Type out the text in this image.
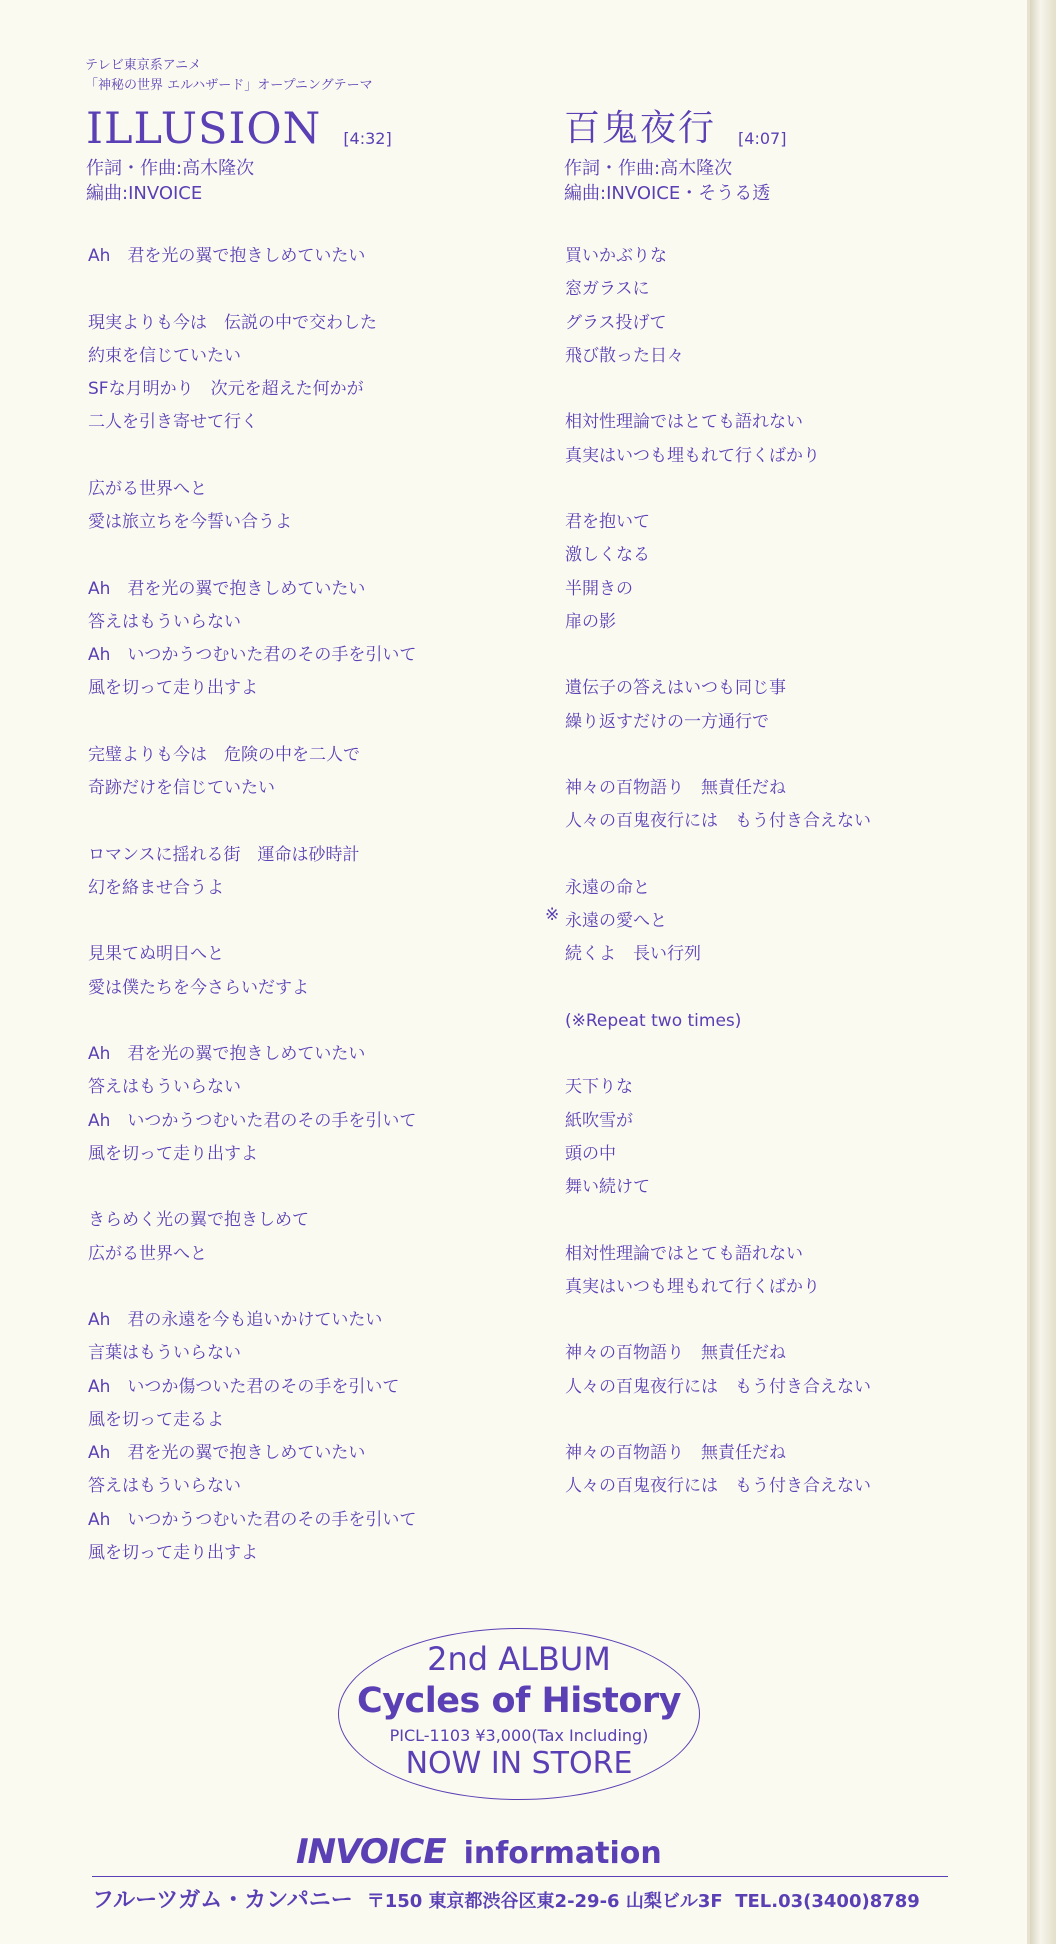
テレビ東京系アニメ
「神秘の世界 エルハザード」オープニングテーマ
ILLUSION [4:32]
作詞・作曲:高木隆次
編曲:INVOICE
Ah　君を光の翼で抱きしめていたい
現実よりも今は　伝説の中で交わした
約束を信じていたい
SFな月明かり　次元を超えた何かが
二人を引き寄せて行く
広がる世界へと
愛は旅立ちを今誓い合うよ
Ah　君を光の翼で抱きしめていたい
答えはもういらない
Ah　いつかうつむいた君のその手を引いて
風を切って走り出すよ
完璧よりも今は　危険の中を二人で
奇跡だけを信じていたい
ロマンスに揺れる街　運命は砂時計
幻を絡ませ合うよ
見果てぬ明日へと
愛は僕たちを今さらいだすよ
Ah　君を光の翼で抱きしめていたい
答えはもういらない
Ah　いつかうつむいた君のその手を引いて
風を切って走り出すよ
きらめく光の翼で抱きしめて
広がる世界へと
Ah　君の永遠を今も追いかけていたい
言葉はもういらない
Ah　いつか傷ついた君のその手を引いて
風を切って走るよ
Ah　君を光の翼で抱きしめていたい
答えはもういらない
Ah　いつかうつむいた君のその手を引いて
風を切って走り出すよ
百鬼夜行 [4:07]
作詞・作曲:高木隆次
編曲:INVOICE・そうる透
買いかぶりな
窓ガラスに
グラス投げて
飛び散った日々
相対性理論ではとても語れない
真実はいつも埋もれて行くばかり
君を抱いて
激しくなる
半開きの
扉の影
遺伝子の答えはいつも同じ事
繰り返すだけの一方通行で
神々の百物語り　無責任だね
人々の百鬼夜行には　もう付き合えない
永遠の命と
※ 永遠の愛へと
続くよ　長い行列
(※Repeat two times)
天下りな
紙吹雪が
頭の中
舞い続けて
相対性理論ではとても語れない
真実はいつも埋もれて行くばかり
神々の百物語り　無責任だね
人々の百鬼夜行には　もう付き合えない
神々の百物語り　無責任だね
人々の百鬼夜行には　もう付き合えない
2nd ALBUM
Cycles of History
PICL-1103 ¥3,000(Tax Including)
NOW IN STORE
INVOICE information
フルーツガム・カンパニー 〒150 東京都渋谷区東2-29-6 山梨ビル3F TEL.03(3400)8789
